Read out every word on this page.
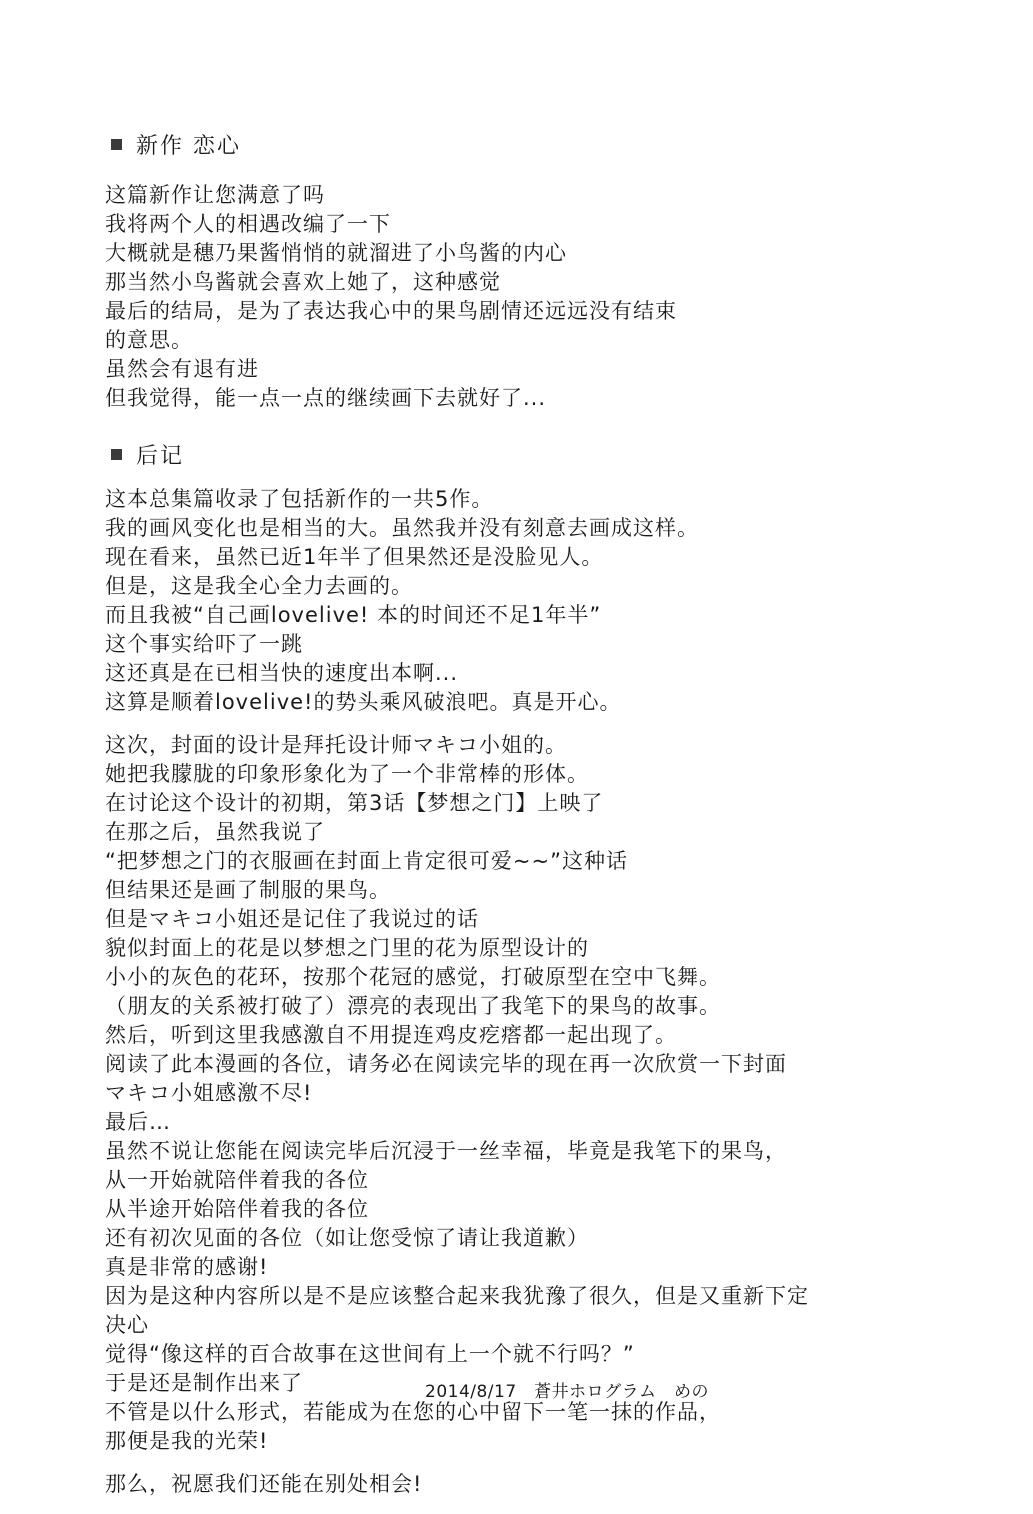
新作 恋心
这篇新作让您满意了吗
我将两个人的相遇改编了一下
大概就是穗乃果酱悄悄的就溜进了小鸟酱的内心
那当然小鸟酱就会喜欢上她了，这种感觉
最后的结局，是为了表达我心中的果鸟剧情还远远没有结束
的意思。
虽然会有退有进
但我觉得，能一点一点的继续画下去就好了...
后记
这本总集篇收录了包括新作的一共5作。
我的画风变化也是相当的大。虽然我并没有刻意去画成这样。
现在看来，虽然已近1年半了但果然还是没脸见人。
但是，这是我全心全力去画的。
而且我被“自己画lovelive! 本的时间还不足1年半”
这个事实给吓了一跳
这还真是在已相当快的速度出本啊...
这算是顺着lovelive!的势头乘风破浪吧。真是开心。
这次，封面的设计是拜托设计师マキコ小姐的。
她把我朦胧的印象形象化为了一个非常棒的形体。
在讨论这个设计的初期，第3话【梦想之门】上映了
在那之后，虽然我说了
“把梦想之门的衣服画在封面上肯定很可爱~~”这种话
但结果还是画了制服的果鸟。
但是マキコ小姐还是记住了我说过的话
貌似封面上的花是以梦想之门里的花为原型设计的
小小的灰色的花环，按那个花冠的感觉，打破原型在空中飞舞。
（朋友的关系被打破了）漂亮的表现出了我笔下的果鸟的故事。
然后，听到这里我感激自不用提连鸡皮疙瘩都一起出现了。
阅读了此本漫画的各位，请务必在阅读完毕的现在再一次欣赏一下封面
マキコ小姐感激不尽!
最后…
虽然不说让您能在阅读完毕后沉浸于一丝幸福，毕竟是我笔下的果鸟，
从一开始就陪伴着我的各位
从半途开始陪伴着我的各位
还有初次见面的各位（如让您受惊了请让我道歉）
真是非常的感谢!
因为是这种内容所以是不是应该整合起来我犹豫了很久，但是又重新下定
决心
觉得“像这样的百合故事在这世间有上一个就不行吗？”
于是还是制作出来了
不管是以什么形式，若能成为在您的心中留下一笔一抹的作品，
那便是我的光荣!
那么，祝愿我们还能在别处相会!
2014/8/17　蒼井ホログラム　めの
